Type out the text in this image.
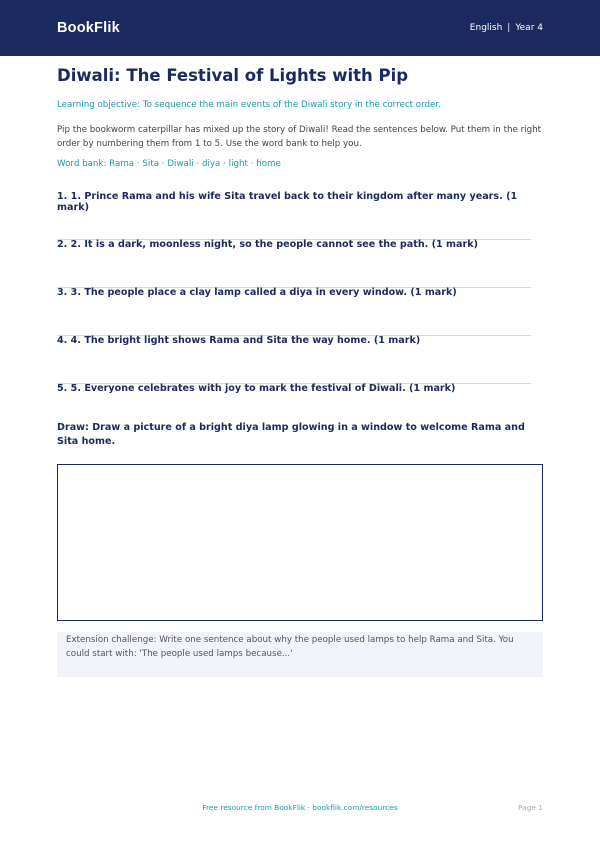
BookFlik	English | Year 4
Diwali: The Festival of Lights with Pip

Learning objective: To sequence the main events of the Diwali story in the correct order.

Pip the bookworm caterpillar has mixed up the story of Diwali! Read the sentences below. Put them in the right order by numbering them from 1 to 5. Use the word bank to help you.

Word bank: Rama · Sita · Diwali · diya · light · home

1. 1. Prince Rama and his wife Sita travel back to their kingdom after many years. (1 mark)

2. 2. It is a dark, moonless night, so the people cannot see the path. (1 mark)

3. 3. The people place a clay lamp called a diya in every window. (1 mark)

4. 4. The bright light shows Rama and Sita the way home. (1 mark)

5. 5. Everyone celebrates with joy to mark the festival of Diwali. (1 mark)

Draw: Draw a picture of a bright diya lamp glowing in a window to welcome Rama and Sita home.

Extension challenge: Write one sentence about why the people used lamps to help Rama and Sita. You could start with: 'The people used lamps because...'
Free resource from BookFlik · bookflik.com/resources	Page 1
